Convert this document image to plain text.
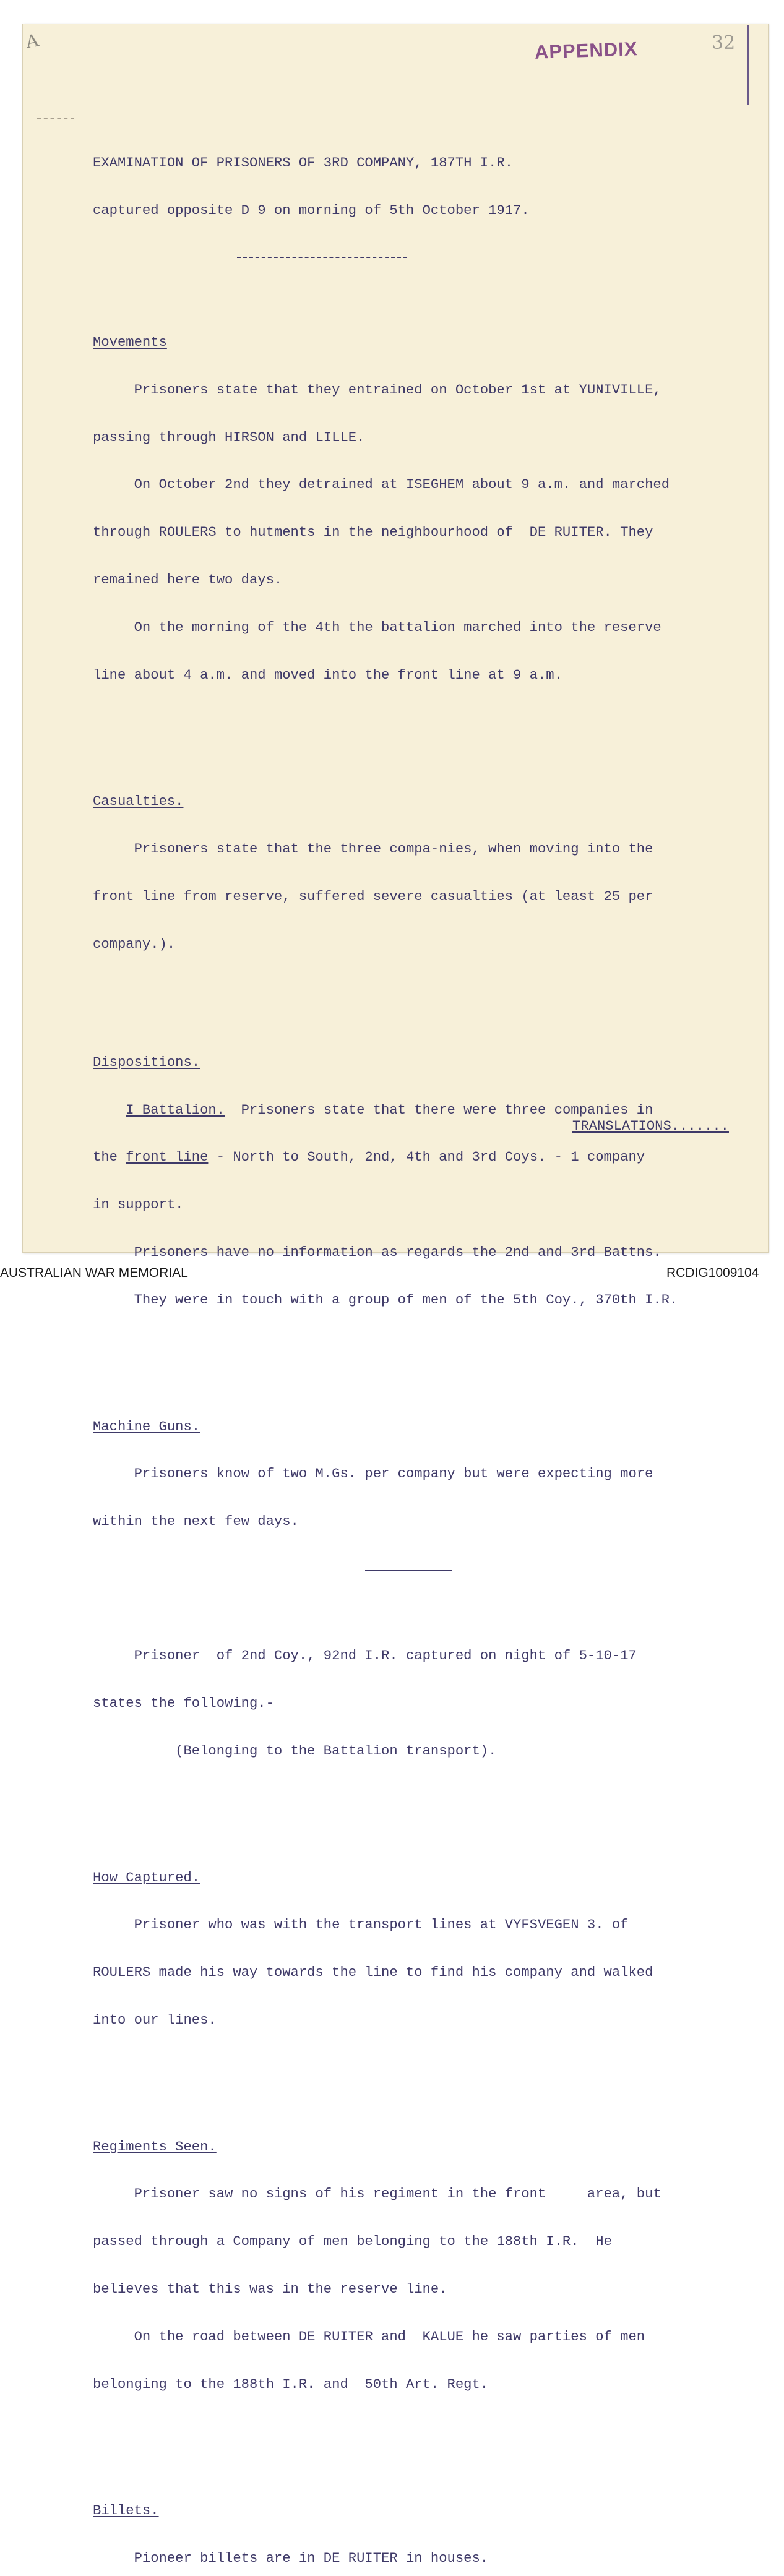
A	APPENDIX	32

EXAMINATION OF PRISONERS OF 3RD COMPANY, 187TH I.R.

captured opposite D 9 on morning of 5th October 1917.

Movements

Prisoners state that they entrained on October 1st at YUNIVILLE,

passing through HIRSON and LILLE.

On October 2nd they detrained at ISEGHEM about 9 a.m. and marched

through ROULERS to hutments in the neighbourhood of  DE RUITER. They

remained here two days.

On the morning of the 4th the battalion marched into the reserve

line about 4 a.m. and moved into the front line at 9 a.m.

Casualties.

Prisoners state that the three compa-nies, when moving into the

front line from reserve, suffered severe casualties (at least 25 per

company.).

Dispositions.

I Battalion.  Prisoners state that there were three companies in

the front line - North to South, 2nd, 4th and 3rd Coys. - 1 company

in support.

Prisoners have no information as regards the 2nd and 3rd Battns.

They were in touch with a group of men of the 5th Coy., 370th I.R.

Machine Guns.

Prisoners know of two M.Gs. per company but were expecting more

within the next few days.

Prisoner  of 2nd Coy., 92nd I.R. captured on night of 5-10-17

states the following.-

(Belonging to the Battalion transport).

How Captured.

Prisoner who was with the transport lines at VYFSVEGEN 3. of

ROULERS made his way towards the line to find his company and walked

into our lines.

Regiments Seen.

Prisoner saw no signs of his regiment in the front     area, but

passed through a Company of men belonging to the 188th I.R.  He

believes that this was in the reserve line.

On the road between DE RUITER and  KALUE he saw parties of men

belonging to the 188th I.R. and  50th Art. Regt.

Billets.

Pioneer billets are in DE RUITER in houses.

TRANSLATIONS.......
AUSTRALIAN WAR MEMORIAL	RCDIG1009104
